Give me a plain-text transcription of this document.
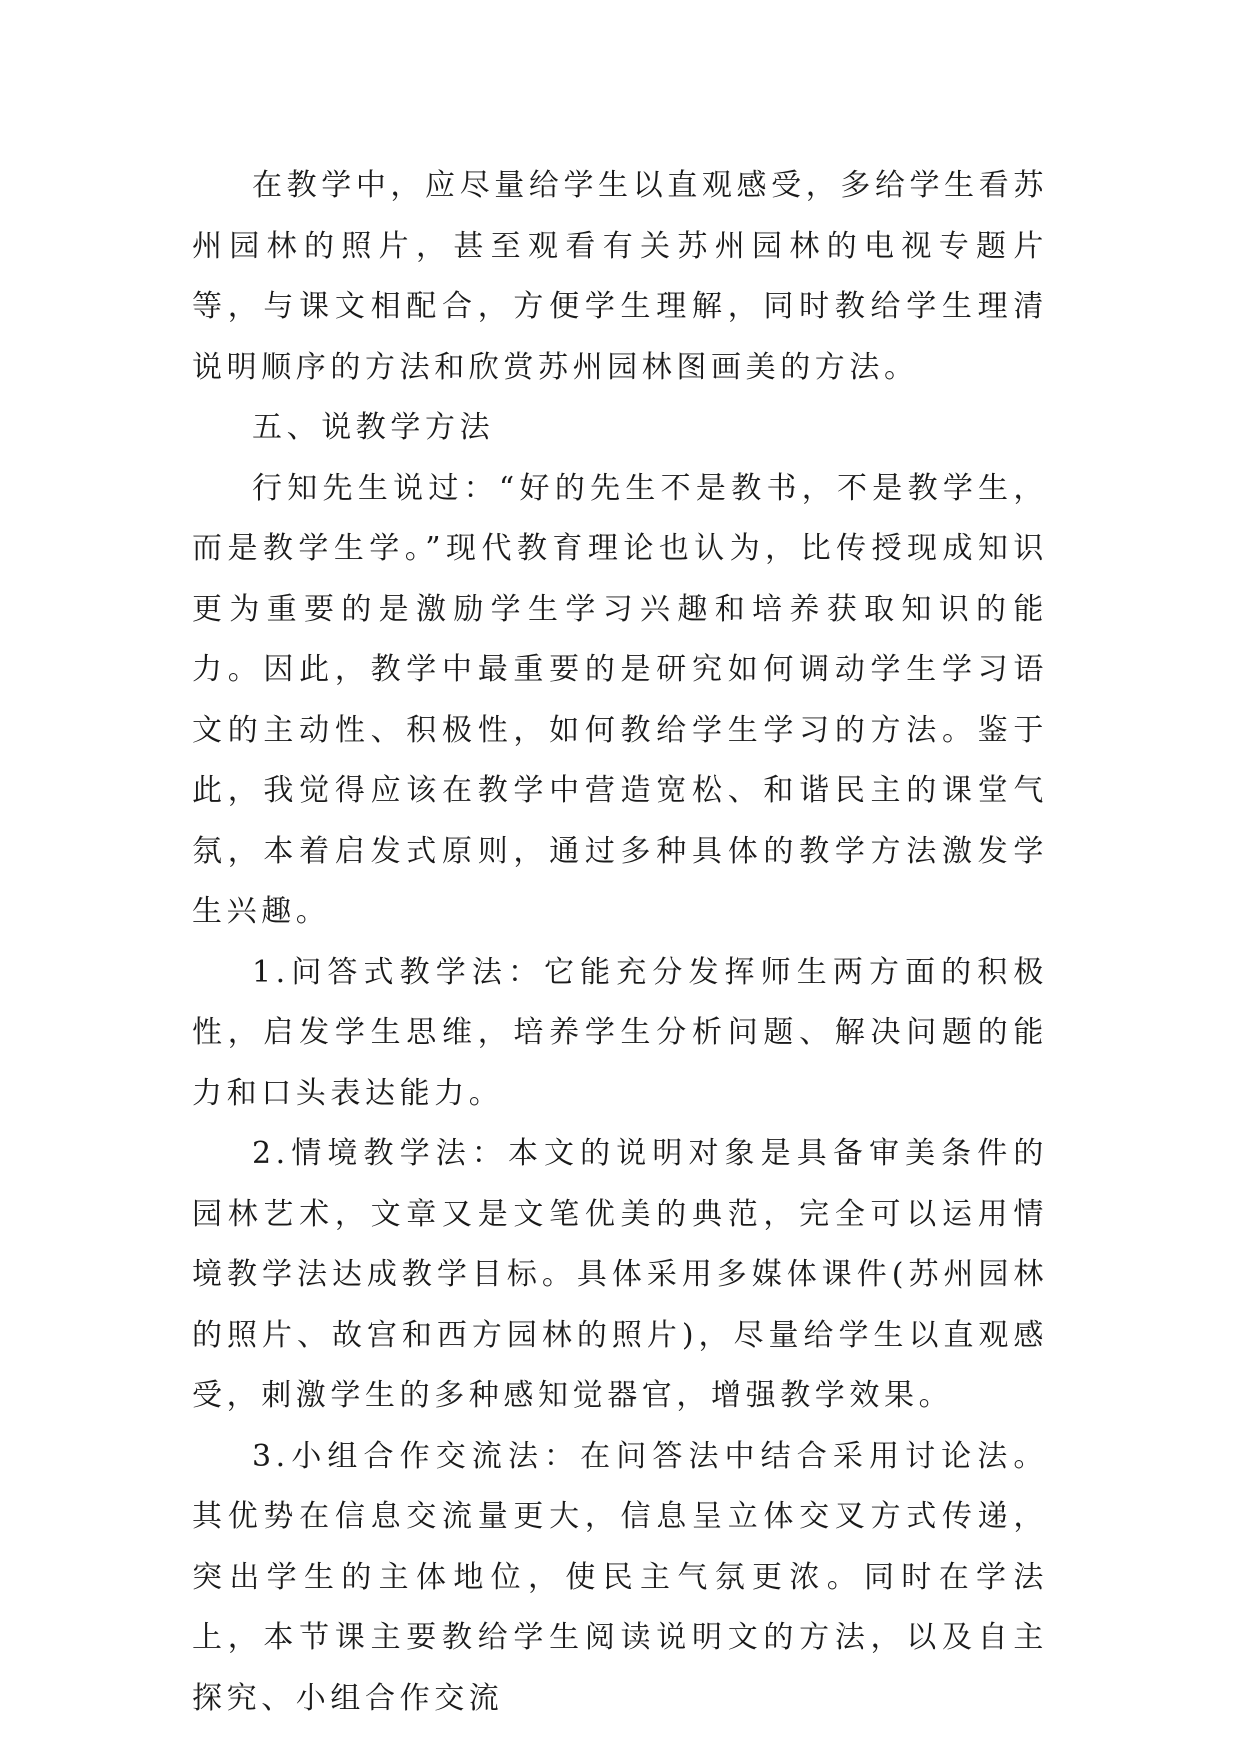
在教学中，应尽量给学生以直观感受，多给学生看苏州园林的照片，甚至观看有关苏州园林的电视专题片等，与课文相配合，方便学生理解，同时教给学生理清说明顺序的方法和欣赏苏州园林图画美的方法。

五、说教学方法

行知先生说过：“好的先生不是教书，不是教学生，而是教学生学。”现代教育理论也认为，比传授现成知识更为重要的是激励学生学习兴趣和培养获取知识的能力。因此，教学中最重要的是研究如何调动学生学习语文的主动性、积极性，如何教给学生学习的方法。鉴于此，我觉得应该在教学中营造宽松、和谐民主的课堂气氛，本着启发式原则，通过多种具体的教学方法激发学生兴趣。

1.问答式教学法：它能充分发挥师生两方面的积极性，启发学生思维，培养学生分析问题、解决问题的能力和口头表达能力。

2.情境教学法：本文的说明对象是具备审美条件的园林艺术，文章又是文笔优美的典范，完全可以运用情境教学法达成教学目标。具体采用多媒体课件(苏州园林的照片、故宫和西方园林的照片)，尽量给学生以直观感受，刺激学生的多种感知觉器官，增强教学效果。

3.小组合作交流法：在问答法中结合采用讨论法。其优势在信息交流量更大，信息呈立体交叉方式传递，突出学生的主体地位，使民主气氛更浓。同时在学法上，本节课主要教给学生阅读说明文的方法，以及自主探究、小组合作交流
